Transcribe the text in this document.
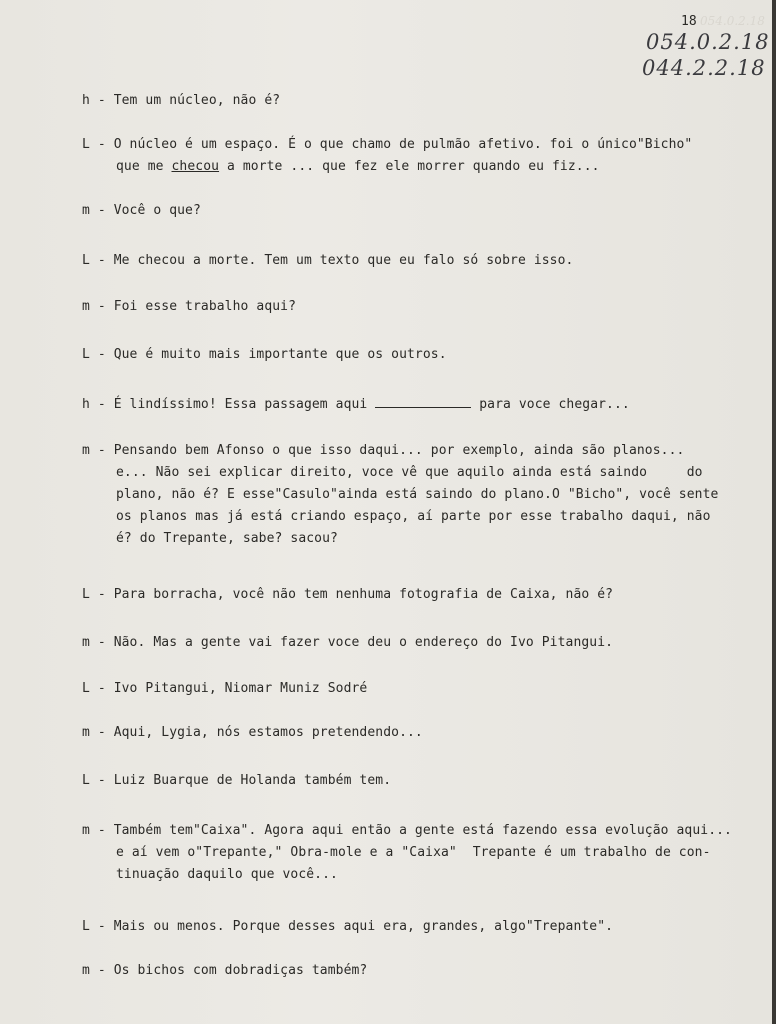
054.0.2.18
18
054.0.2.18
044.2.2.18
h - Tem um núcleo, não é?
L - O núcleo é um espaço. É o que chamo de pulmão afetivo. foi o único"Bicho"
que me checou a morte ... que fez ele morrer quando eu fiz...
m - Você o que?
L - Me checou a morte. Tem um texto que eu falo só sobre isso.
m - Foi esse trabalho aqui?
L - Que é muito mais importante que os outros.
h - É lindíssimo! Essa passagem aqui	para voce chegar...
m - Pensando bem Afonso o que isso daqui... por exemplo, ainda são planos...
e... Não sei explicar direito, voce vê que aquilo ainda está saindo     do
plano, não é? E esse"Casulo"ainda está saindo do plano.O "Bicho", você sente
os planos mas já está criando espaço, aí parte por esse trabalho daqui, não
é? do Trepante, sabe? sacou?
L - Para borracha, você não tem nenhuma fotografia de Caixa, não é?
m - Não. Mas a gente vai fazer voce deu o endereço do Ivo Pitangui.
L - Ivo Pitangui, Niomar Muniz Sodré
m - Aqui, Lygia, nós estamos pretendendo...
L - Luiz Buarque de Holanda também tem.
m - Também tem"Caixa". Agora aqui então a gente está fazendo essa evolução aqui...
e aí vem o"Trepante," Obra-mole e a "Caixa"  Trepante é um trabalho de con-
tinuação daquilo que você...
L - Mais ou menos. Porque desses aqui era, grandes, algo"Trepante".
m - Os bichos com dobradiças também?
